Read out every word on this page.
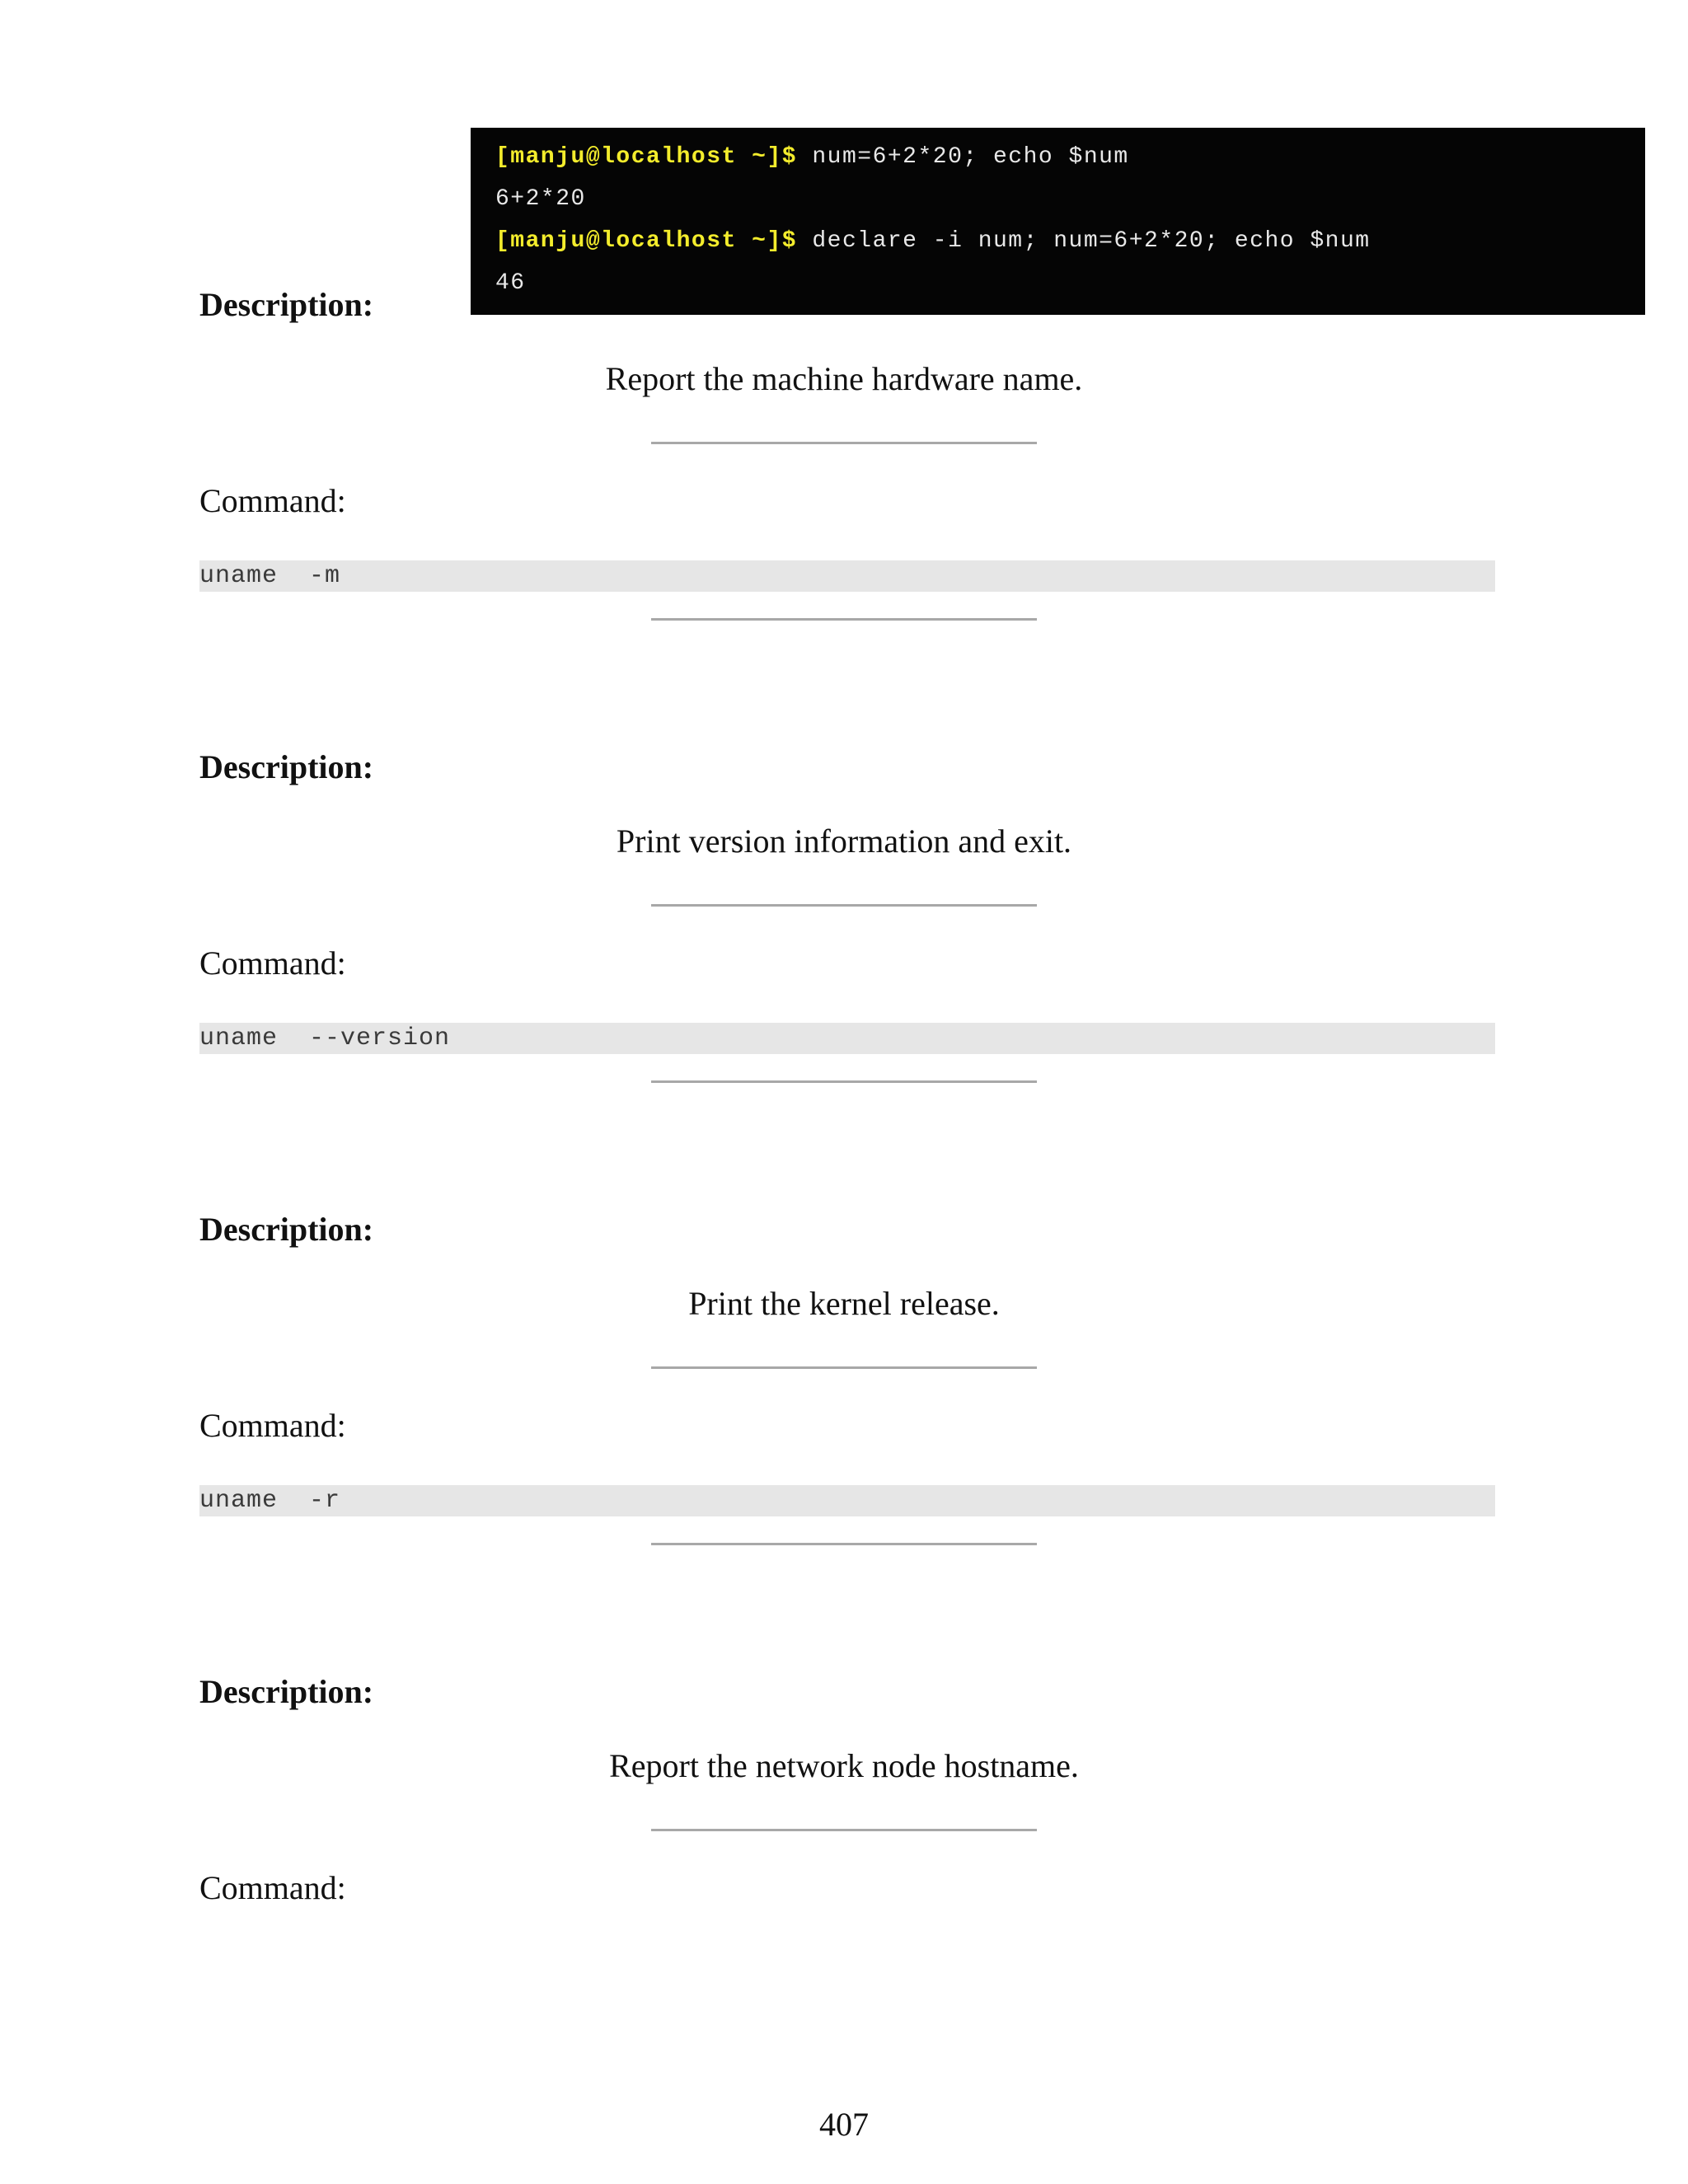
[manju@localhost ~]$ num=6+2*20; echo $num
6+2*20
[manju@localhost ~]$ declare -i num; num=6+2*20; echo $num
46
Description:
Report the machine hardware name.
Command:
uname  -m
Description:
Print version information and exit.
Command:
uname  --version
Description:
Print the kernel release.
Command:
uname  -r
Description:
Report the network node hostname.
Command:
407
